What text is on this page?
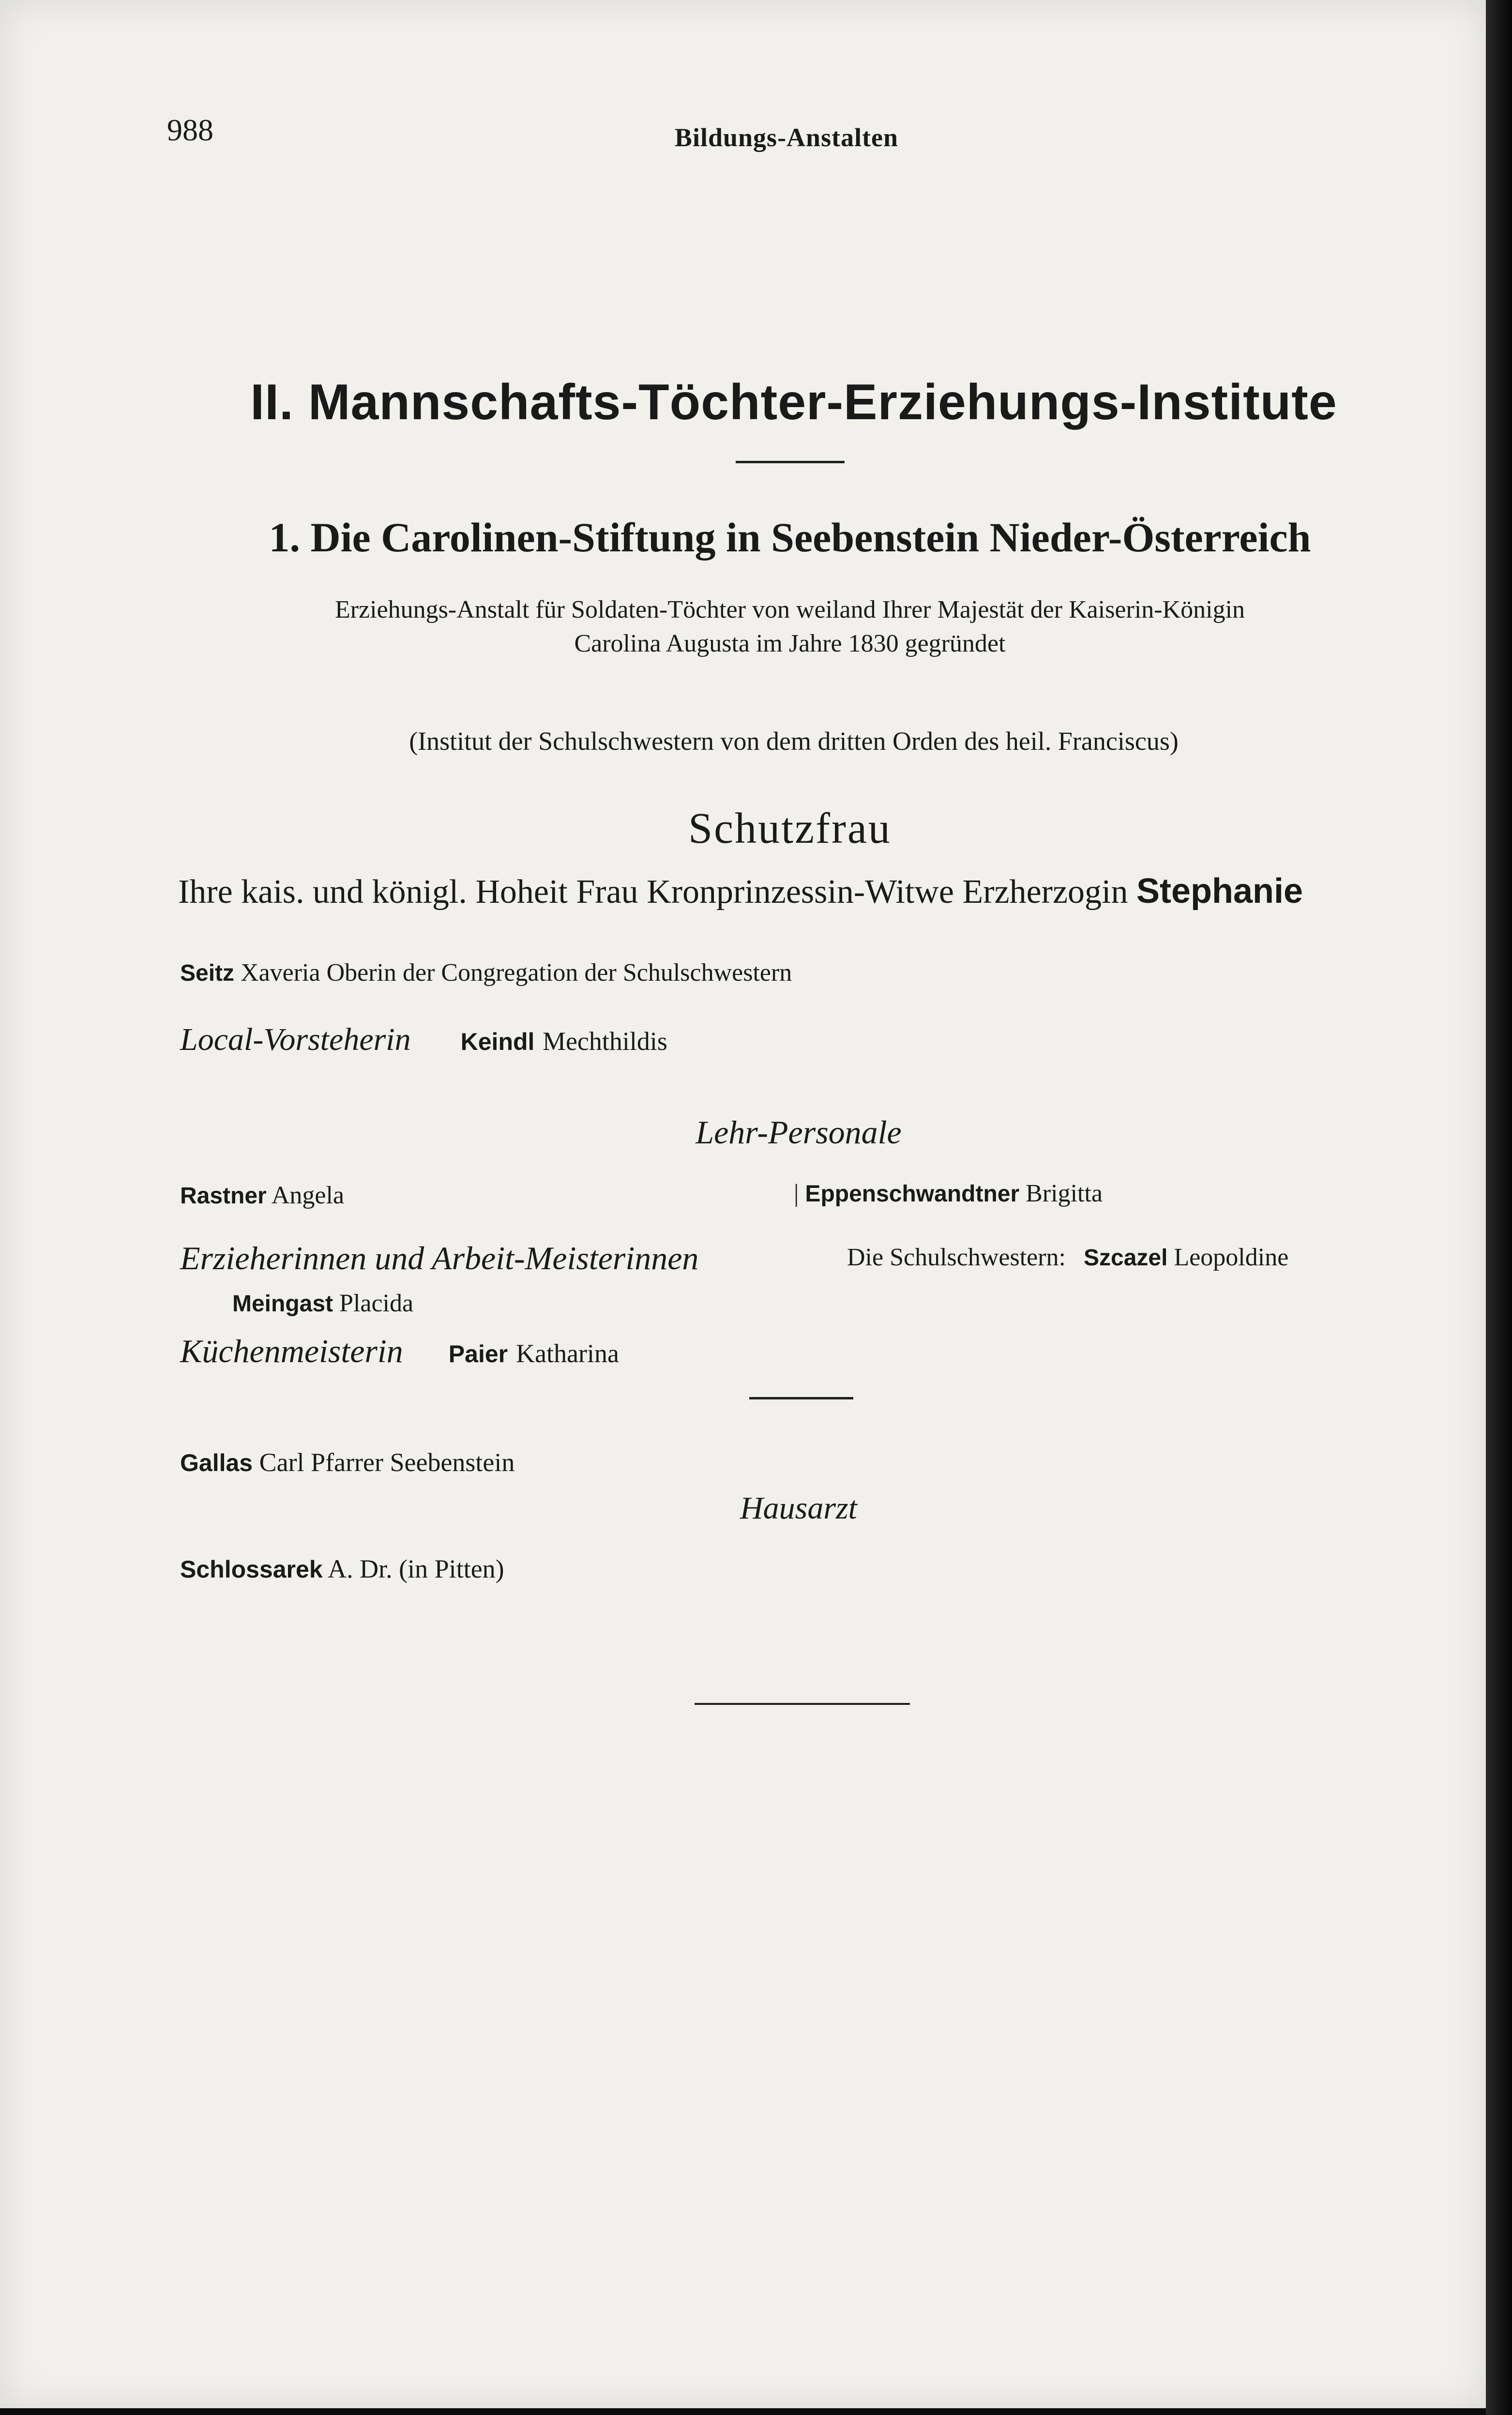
988	Bildungs-Anstalten
II. Mannschafts-Töchter-Erziehungs-Institute
1. Die Carolinen-Stiftung in Seebenstein Nieder-Österreich
Erziehungs-Anstalt für Soldaten-Töchter von weiland Ihrer Majestät der Kaiserin-Königin
Carolina Augusta im Jahre 1830 gegründet
(Institut der Schulschwestern von dem dritten Orden des heil. Franciscus)
Schutzfrau
Ihre kais. und königl. Hoheit Frau Kronprinzessin-Witwe Erzherzogin Stephanie
Seitz Xaveria Oberin der Congregation der Schulschwestern
Local-Vorsteherin Keindl Mechthildis
Lehr-Personale
Rastner Angela	| Eppenschwandtner Brigitta
Erzieherinnen und Arbeit-Meisterinnen	Die Schulschwestern: Szcazel Leopoldine
Meingast Placida
Küchenmeisterin Paier Katharina
Gallas Carl Pfarrer Seebenstein
Hausarzt
Schlossarek A. Dr. (in Pitten)
